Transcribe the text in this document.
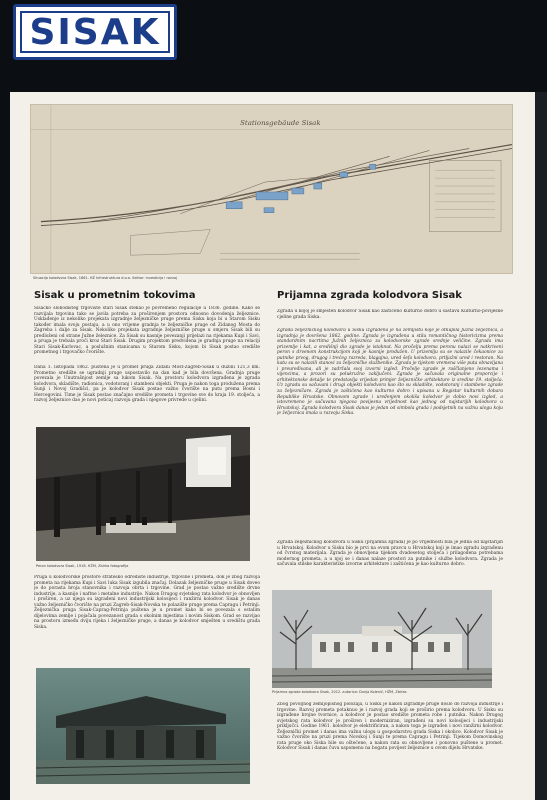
SISAK
Stationsgebäude Sisak
Situacija kolodvora Sisak, 1861. HŽ Infrastruktura d.o.o. Sektor: investicija i razvoj
Sisak u prometnim tokovima

Sisačko slobodišteg trgovište stari Sisak stekao je povremeno regulacije u 1836. godine. Kako se razvijala trgovina tako se javila potreba za proširenjem prostora odnosno dovodenja željeznice. Usklađenje iz nekoliko projekata izgradnje željezničke pruge prema Sisku koja bi u Starom Sisku također imala svoju postaju, a u ono vrijeme gradnja te željezničke pruge od Zidanog Mosta do Zagreba i dalje za Sisak. Nekoliko projekata izgradnje željezničke pruge u smjeru Sisak bili su predloženi od strane Južne železnice. Za Sisak su kasnije povezanji prijelazi na rijekama Kupi i Savi, a pruga je trebala proći kroz Stari Sisak. Drugim projektom predviđena je gradnja pruge na relaciji Stari Sisak-Karlovac, a poslužnim stanicama u Starom Sisku, kojom bi Sisak postao središte prometnog i trgovačko čvorište.

Dana 1. listopada 1862. puštena je u promet pruga Zidani Most-Zagreb-Sisak u dužini 121,3 km. Prometno središte se ugradnji pruge uspostavilo na dan kad je bila dovršena. Gradnja pruge povezala je Unutrašnjost zemlje sa lukom Sisak. Na prostoru kolodvora izgrađena je zgrada kolodvora, skladište, radionica, vodotoranj i stambeni objekti. Pruga je nakon toga produžena prema Sunji i Novoj Gradišci, pa je kolodvor Sisak postao važno čvorište na putu prema Bosni i Hercegovini. Time je Sisak postao značajno središte prometa i trgovine sve do kraja 19. stoljeća, a razvoj željeznice dao je novi poticaj razvoju grada i njegove privrede u cjelini.

Peron kolodvora Sisak, 1918. HŽM, Zbirka fotografija

Pruga u kolodvorske prostore strateško odredište industrije, trgovine i prometa, dok je zbog razvoja prometa na rijekama Kupi i Savi luka Sisak izgubila značaj. Dolazak željezničke pruge u Sisak doveo je do porasta broja stanovnika i razvoja obrta i trgovine. Grad je postao važno središte drvne industrije, a kasnije i naftne i metalne industrije. Nakon Drugog svjetskog rata kolodvor je obnovljen i proširen, a uz njega su izgrađeni novi industrijski kolosijeci i ranžirni kolodvor. Sisak je danas važno željezničko čvorište na pruzi Zagreb-Sisak-Novska te polazište pruge prema Capragu i Petrinji. Željeznička pruga Sisak-Caprag-Petrinja puštena je u promet kako bi se povezala s ostalim dijelovima zemlje i pojačala povezanost grada s okolnim mjestima i novim Siskom. Grad se razvijao na prostoru između dviju rijeka i željezničke pruge, a danas je kolodvor smješten u središtu grada Siska.

Prijamna zgrada kolodvora Sisak

Zgrada u kojoj je smješten kolodvor Sisak kao zaštićeno kulturno dobro u sastavu Kulturno-povijesne cjeline grada Siska.

Zgrada željezničkog kolodvora u Sisku izgrađena je na zemljištu koje je otkupila Južna željeznica, a izgradnja je dovršena 1862. godine. Zgrada je izgrađena u stilu romantičnog historicizma prema standardnim nacrtima Južnih željeznica za kolodvorske zgrade srednje veličine. Zgrada ima prizemlje i kat, a središnji dio zgrade je istaknut. Na pročelju prema peronu nalazi se natkriveni peron s drvenom konstrukcijom koji je kasnije produžen. U prizemlju su se nalazile čekaonice za putnike prvog, drugog i trećeg razreda, blagajna, ured šefa kolodvora, prtljažni ured i restoran. Na katu su se nalazili stanovi za željezničke službenike. Zgrada je tijekom vremena više puta obnavljana i preuređivana, ali je zadržala svoj izvorni izgled. Pročelje zgrade je raščlanjeno lezenama i vijencima, a prozori su polukružno zaključeni. Zgrada je sačuvala originalne proporcije i arhitektonske detalje te predstavlja vrijedan primjer željezničke arhitekture iz sredine 19. stoljeća. Uz zgradu su sačuvani i drugi objekti kolodvora kao što su skladište, vodotoranj i stambene zgrade za željezničare. Zgrada je zaštićena kao kulturno dobro i upisana u Registar kulturnih dobara Republike Hrvatske. Obnovom zgrade i uređenjem okoliša kolodvor je dobio novi izgled, a istovremeno je sačuvana njegova povijesna vrijednost kao jednog od najstarijih kolodvora u Hrvatskoj. Zgrada kolodvora Sisak danas je jedan od simbola grada i podsjetnik na važnu ulogu koju je željeznica imala u razvoju Siska.

Zgrada željezničkog kolodvora u Sisku (prijamna zgrada) je po vrijednosti bila je jedna od najstarijih u Hrvatskoj. Kolodvor u Sisku bio je prvi na ovom pravcu u Hrvatskoj koji je imao zgradu izgrađenu od čvrstog materijala. Zgrada je obnovljena tijekom dvadesetog stoljeća i prilagođena potrebama modernog prometa, a u njoj se i danas nalaze prostori za putnike i službe kolodvora. Zgrada je sačuvala stilske karakteristike izvorne arhitekture i zaštićena je kao kulturno dobro.

Prijamna zgrada kolodvora Sisak, 2012. autorica: Dunja Kolenić, HŽM, Zbirka

Zbog povoljnog zemljopisnog položaja, u Sisku je nakon izgradnje pruge došlo do razvoja industrije i trgovine. Razvoj prometa potaknuo je i razvoj grada koji se proširio prema kolodvoru. U Sisku su izgrađene brojne tvornice, a kolodvor je postao središte prometa robe i putnika. Nakon Drugog svjetskog rata kolodvor je proširen i moderniziran, izgrađeni su novi kolosijeci i industrijski priključci. Godine 1961. kolodvor je elektrificiran, a nakon toga je izgrađen i novi ranžirni kolodvor. Željeznički promet i danas ima važnu ulogu u gospodarstvu grada Siska i okolice. Kolodvor Sisak je važno čvorište na pruzi prema Novskoj i Sunji te prema Capragu i Petrinji. Tijekom Domovinskog rata pruge oko Siska bile su oštećene, a nakon rata su obnovljene i ponovno puštene u promet. Kolodvor Sisak i danas čuva uspomenu na bogatu povijest željeznice u ovom dijelu Hrvatske.
